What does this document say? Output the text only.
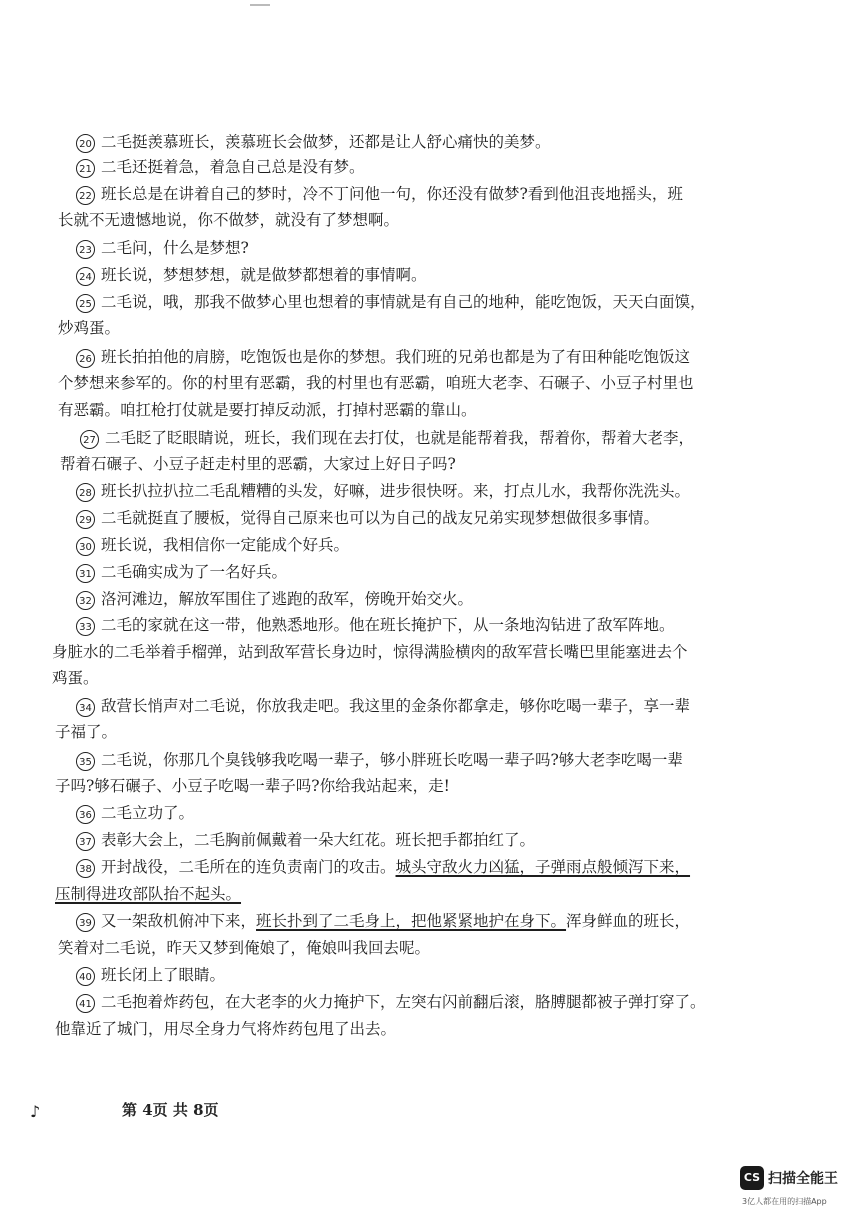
20 二毛挺羡慕班长，羡慕班长会做梦，还都是让人舒心痛快的美梦。
21 二毛还挺着急，着急自己总是没有梦。
22 班长总是在讲着自己的梦时，冷不丁问他一句，你还没有做梦?看到他沮丧地摇头，班
长就不无遗憾地说，你不做梦，就没有了梦想啊。
23 二毛问，什么是梦想?
24 班长说，梦想梦想，就是做梦都想着的事情啊。
25 二毛说，哦，那我不做梦心里也想着的事情就是有自己的地种，能吃饱饭，天天白面馍，
炒鸡蛋。
26 班长拍拍他的肩膀，吃饱饭也是你的梦想。我们班的兄弟也都是为了有田种能吃饱饭这
个梦想来参军的。你的村里有恶霸，我的村里也有恶霸，咱班大老李、石碾子、小豆子村里也
有恶霸。咱扛枪打仗就是要打掉反动派，打掉村恶霸的靠山。
27 二毛眨了眨眼睛说，班长，我们现在去打仗，也就是能帮着我，帮着你，帮着大老李，
帮着石碾子、小豆子赶走村里的恶霸，大家过上好日子吗?
28 班长扒拉扒拉二毛乱糟糟的头发，好嘛，进步很快呀。来，打点儿水，我帮你洗洗头。
29 二毛就挺直了腰板，觉得自己原来也可以为自己的战友兄弟实现梦想做很多事情。
30 班长说，我相信你一定能成个好兵。
31 二毛确实成为了一名好兵。
32 洛河滩边，解放军围住了逃跑的敌军，傍晚开始交火。
33 二毛的家就在这一带，他熟悉地形。他在班长掩护下，从一条地沟钻进了敌军阵地。
身脏水的二毛举着手榴弹，站到敌军营长身边时，惊得满脸横肉的敌军营长嘴巴里能塞进去个
鸡蛋。
34 敌营长悄声对二毛说，你放我走吧。我这里的金条你都拿走，够你吃喝一辈子，享一辈
子福了。
35 二毛说，你那几个臭钱够我吃喝一辈子，够小胖班长吃喝一辈子吗?够大老李吃喝一辈
子吗?够石碾子、小豆子吃喝一辈子吗?你给我站起来，走!
36 二毛立功了。
37 表彰大会上，二毛胸前佩戴着一朵大红花。班长把手都拍红了。
38 开封战役，二毛所在的连负责南门的攻击。城头守敌火力凶猛，子弹雨点般倾泻下来，
压制得进攻部队抬不起头。
39 又一架敌机俯冲下来，班长扑到了二毛身上，把他紧紧地护在身下。浑身鲜血的班长，
笑着对二毛说，昨天又梦到俺娘了，俺娘叫我回去呢。
40 班长闭上了眼睛。
41 二毛抱着炸药包，在大老李的火力掩护下，左突右闪前翻后滚，胳膊腿都被子弹打穿了。
他靠近了城门，用尽全身力气将炸药包甩了出去。
♪	第 4页 共 8页
CS 扫描全能王
3亿人都在用的扫描App
